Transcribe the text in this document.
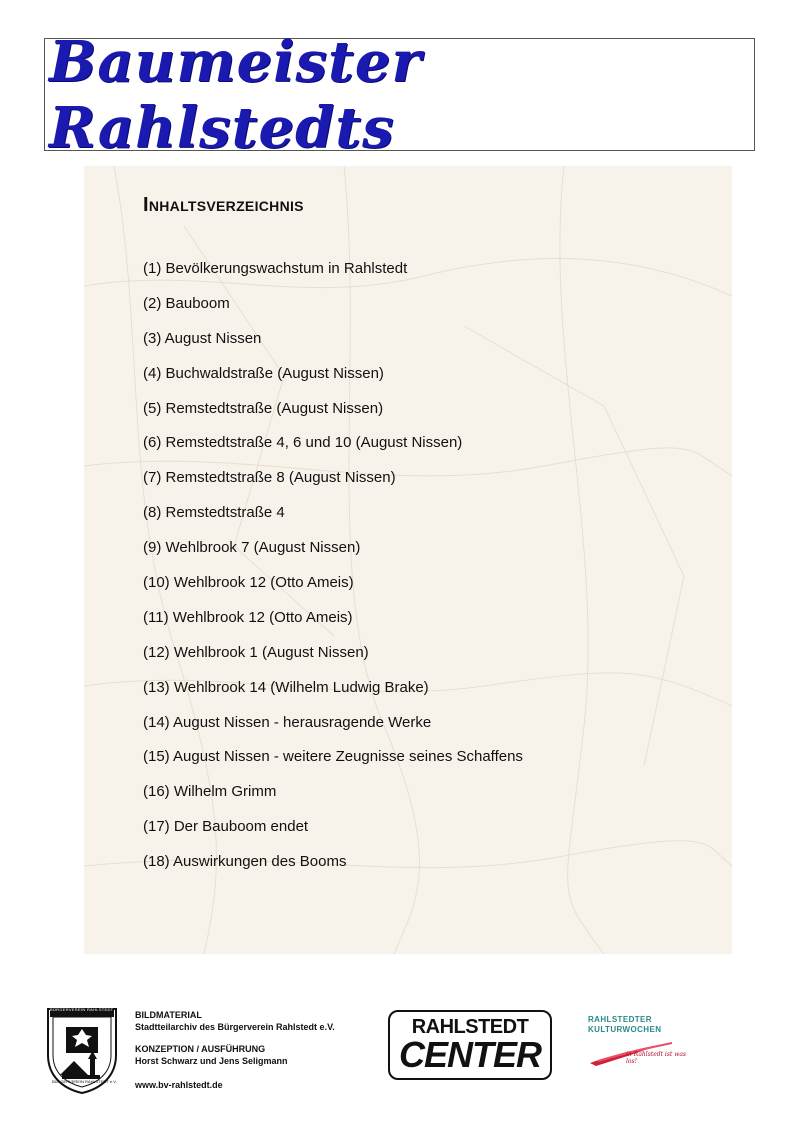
Baumeister Rahlstedts
Inhaltsverzeichnis
(1) Bevölkerungswachstum in Rahlstedt
(2) Bauboom
(3) August Nissen
(4) Buchwaldstraße (August Nissen)
(5) Remstedtstraße (August Nissen)
(6) Remstedtstraße 4, 6 und 10 (August Nissen)
(7) Remstedtstraße 8 (August Nissen)
(8) Remstedtstraße 4
(9) Wehlbrook 7 (August Nissen)
(10) Wehlbrook 12 (Otto Ameis)
(11) Wehlbrook 12 (Otto Ameis)
(12) Wehlbrook 1 (August Nissen)
(13) Wehlbrook 14 (Wilhelm Ludwig Brake)
(14) August Nissen - herausragende Werke
(15) August Nissen - weitere Zeugnisse seines Schaffens
(16) Wilhelm Grimm
(17) Der Bauboom endet
(18) Auswirkungen des Booms
BÜRGERVEREIN RAHLSTEDT
BÜRGERVEREIN RAHLSTEDT e.V.
BILDMATERIAL
Stadtteilarchiv des Bürgerverein Rahlstedt e.V.
KONZEPTION / AUSFÜHRUNG
Horst Schwarz und Jens Seligmann
www.bv-rahlstedt.de
RAHLSTEDT
CENTER
RAHLSTEDTER
KULTURWOCHEN
in Rahlstedt ist was los!
